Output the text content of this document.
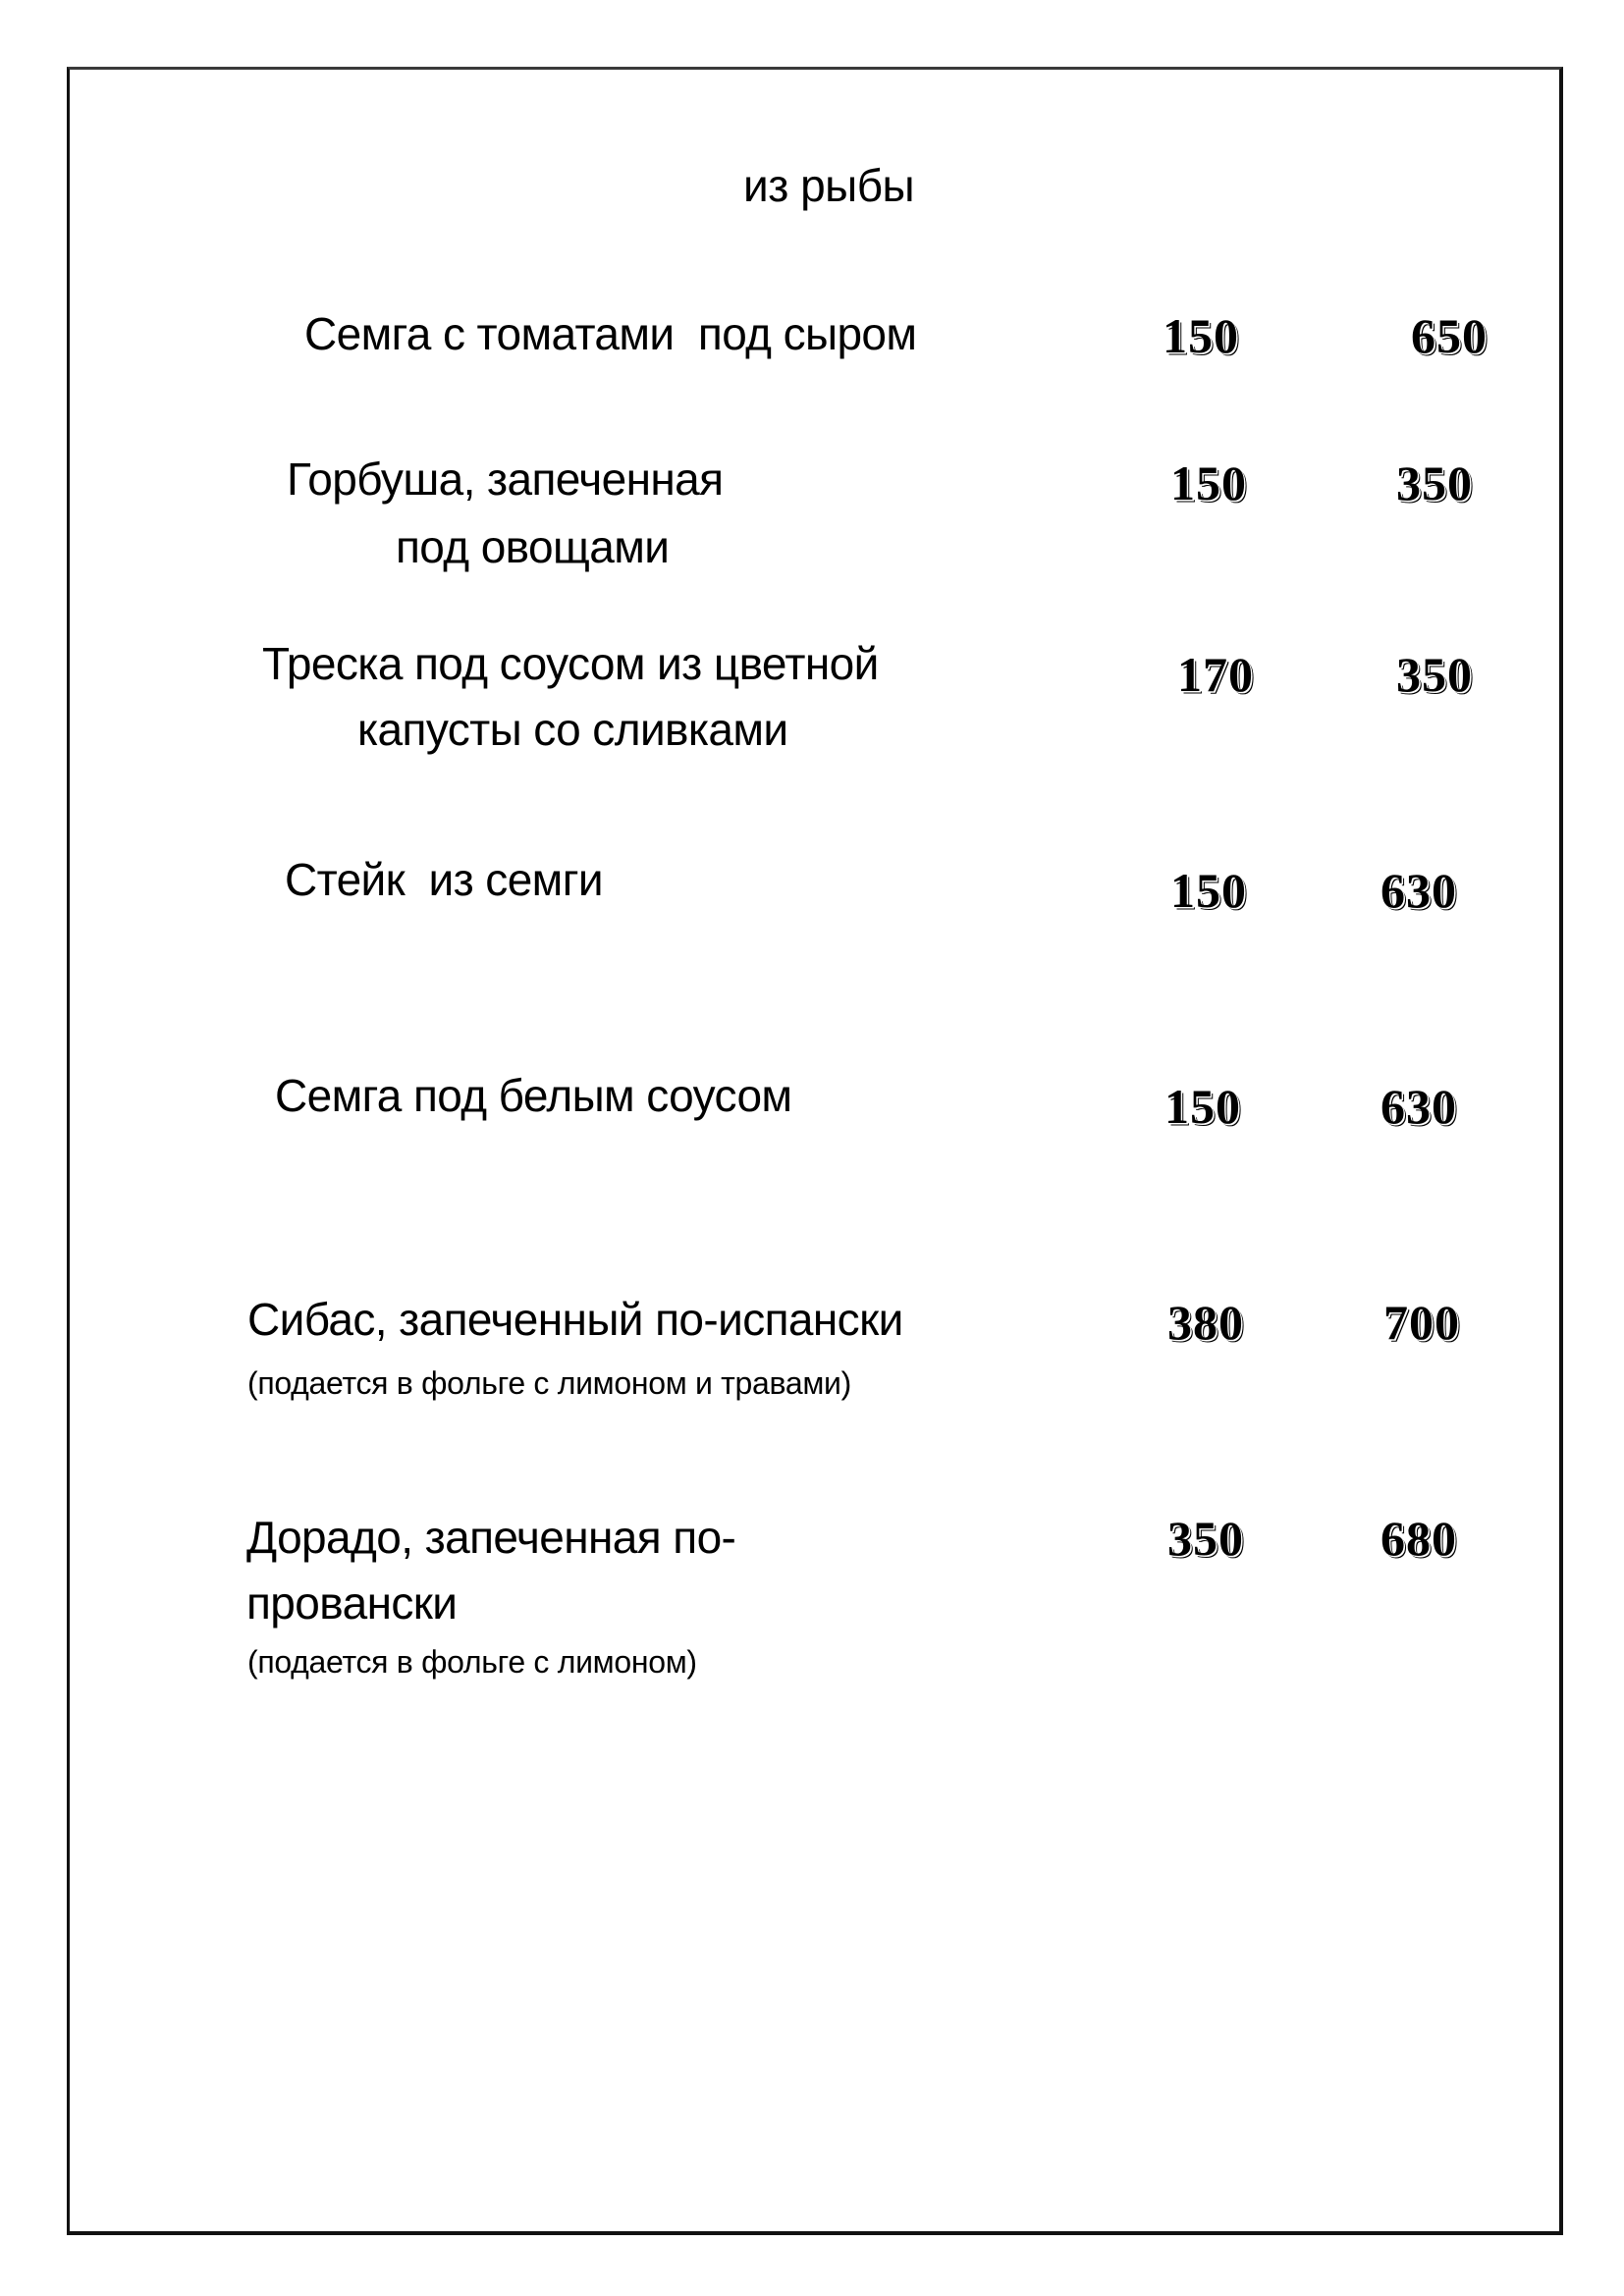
из рыбы
Семга с томатами  под сыром	150	650
Горбуша, запеченная
под овощами
150	350
Треска под соусом из цветной
капусты со сливками
170	350
Стейк  из семги	150	630
Семга под белым соусом	150	630
Сибас, запеченный по-испански
(подается в фольге с лимоном и травами)
380	700
Дорадо, запеченная по-
провански
(подается в фольге с лимоном)
350	680
